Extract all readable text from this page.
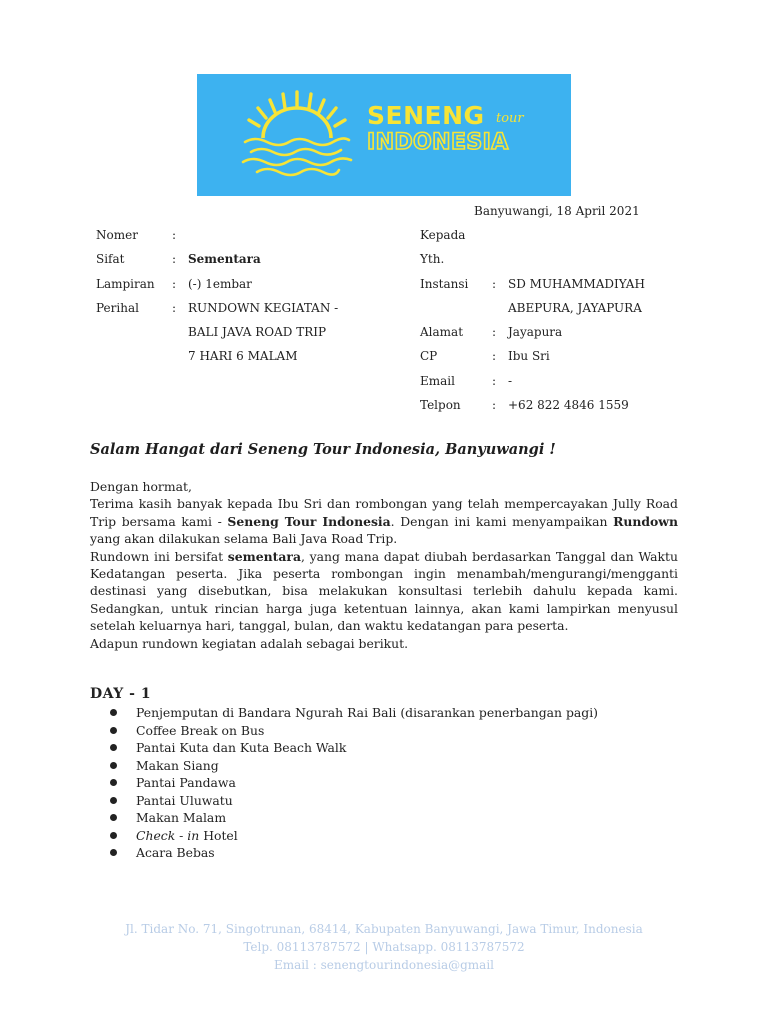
SENENG tour
INDONESIA
Banyuwangi, 18 April 2021
Nomer	:
Sifat	: Sementara
Lampiran : (-) 1embar
Perihal	: RUNDOWN KEGIATAN -
BALI JAVA ROAD TRIP
7 HARI 6 MALAM
Kepada
Yth.
Instansi : SD MUHAMMADIYAH
ABEPURA, JAYAPURA
Alamat : Jayapura
CP	: Ibu Sri
Email	: -
Telpon	: +62 822 4846 1559
Salam Hangat dari Seneng Tour Indonesia, Banyuwangi !

Dengan hormat,

Terima kasih banyak kepada Ibu Sri dan rombongan yang telah mempercayakan Jully Road Trip bersama kami - Seneng Tour Indonesia. Dengan ini kami menyampaikan Rundown yang akan dilakukan selama Bali Java Road Trip.

Rundown ini bersifat sementara, yang mana dapat diubah berdasarkan Tanggal dan Waktu Kedatangan peserta. Jika peserta rombongan ingin menambah/mengurangi/mengganti destinasi yang disebutkan, bisa melakukan konsultasi terlebih dahulu kepada kami. Sedangkan, untuk rincian harga juga ketentuan lainnya, akan kami lampirkan menyusul setelah keluarnya hari, tanggal, bulan, dan waktu kedatangan para peserta.

Adapun rundown kegiatan adalah sebagai berikut.

DAY - 1
Penjemputan di Bandara Ngurah Rai Bali (disarankan penerbangan pagi)
Coffee Break on Bus
Pantai Kuta dan Kuta Beach Walk
Makan Siang
Pantai Pandawa
Pantai Uluwatu
Makan Malam
Check - in Hotel
Acara Bebas
Jl. Tidar No. 71, Singotrunan, 68414, Kabupaten Banyuwangi, Jawa Timur, Indonesia
Telp. 08113787572 | Whatsapp. 08113787572
Email : senengtourindonesia@gmail
